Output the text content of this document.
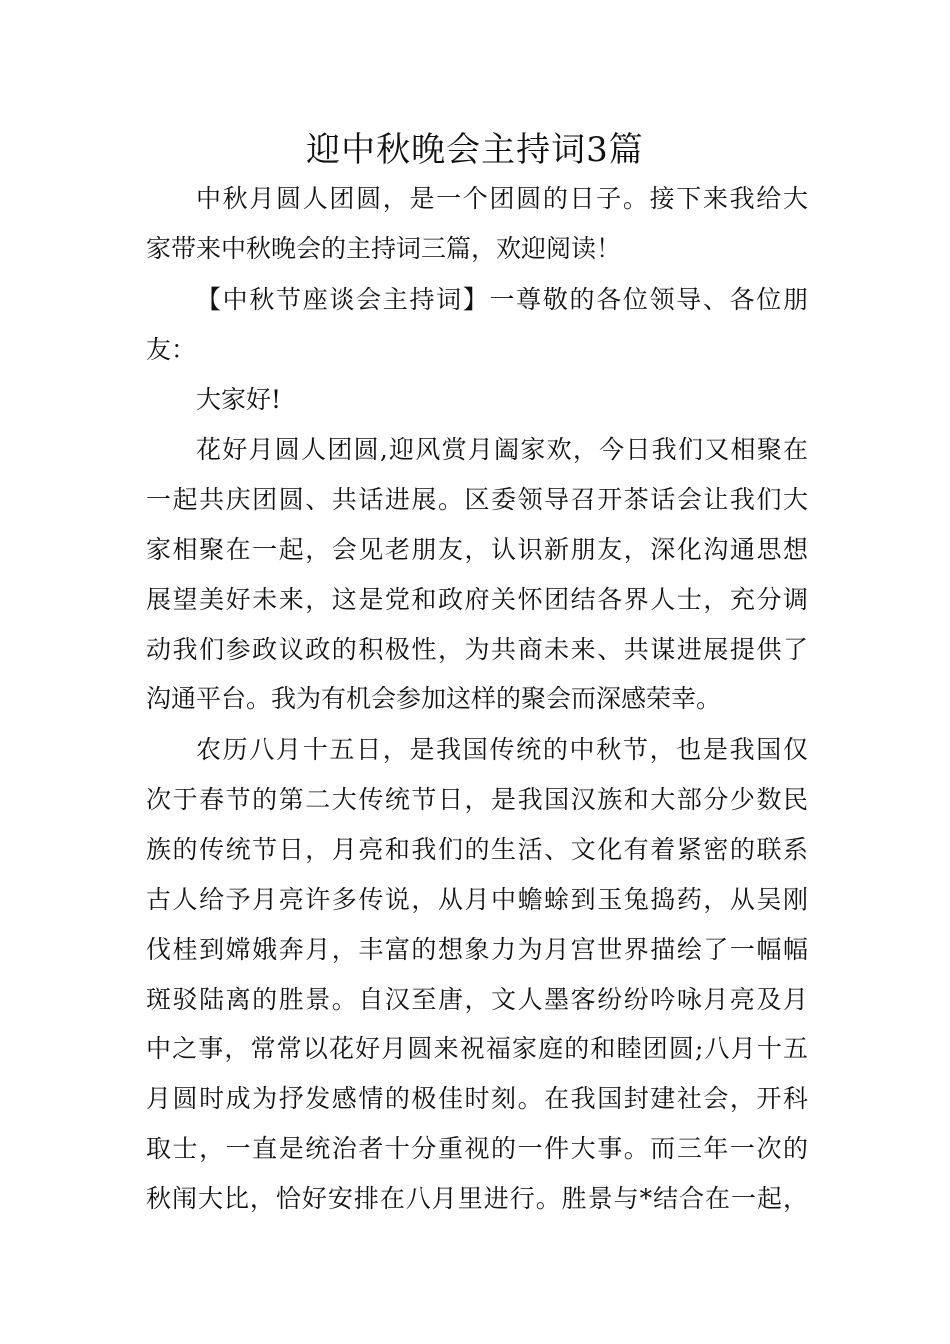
迎中秋晚会主持词3篇
中秋月圆人团圆，是一个团圆的日子。接下来我给大
家带来中秋晚会的主持词三篇，欢迎阅读！
【中秋节座谈会主持词】一尊敬的各位领导、各位朋
友：
大家好!
花好月圆人团圆,迎风赏月阖家欢，今日我们又相聚在
一起共庆团圆、共话进展。区委领导召开茶话会让我们大
家相聚在一起，会见老朋友，认识新朋友，深化沟通思想
展望美好未来，这是党和政府关怀团结各界人士，充分调
动我们参政议政的积极性，为共商未来、共谋进展提供了
沟通平台。我为有机会参加这样的聚会而深感荣幸。
农历八月十五日，是我国传统的中秋节，也是我国仅
次于春节的第二大传统节日，是我国汉族和大部分少数民
族的传统节日，月亮和我们的生活、文化有着紧密的联系
古人给予月亮许多传说，从月中蟾蜍到玉兔捣药，从吴刚
伐桂到嫦娥奔月，丰富的想象力为月宫世界描绘了一幅幅
斑驳陆离的胜景。自汉至唐，文人墨客纷纷吟咏月亮及月
中之事，常常以花好月圆来祝福家庭的和睦团圆;八月十五
月圆时成为抒发感情的极佳时刻。在我国封建社会，开科
取士，一直是统治者十分重视的一件大事。而三年一次的
秋闱大比，恰好安排在八月里进行。胜景与*结合在一起，
